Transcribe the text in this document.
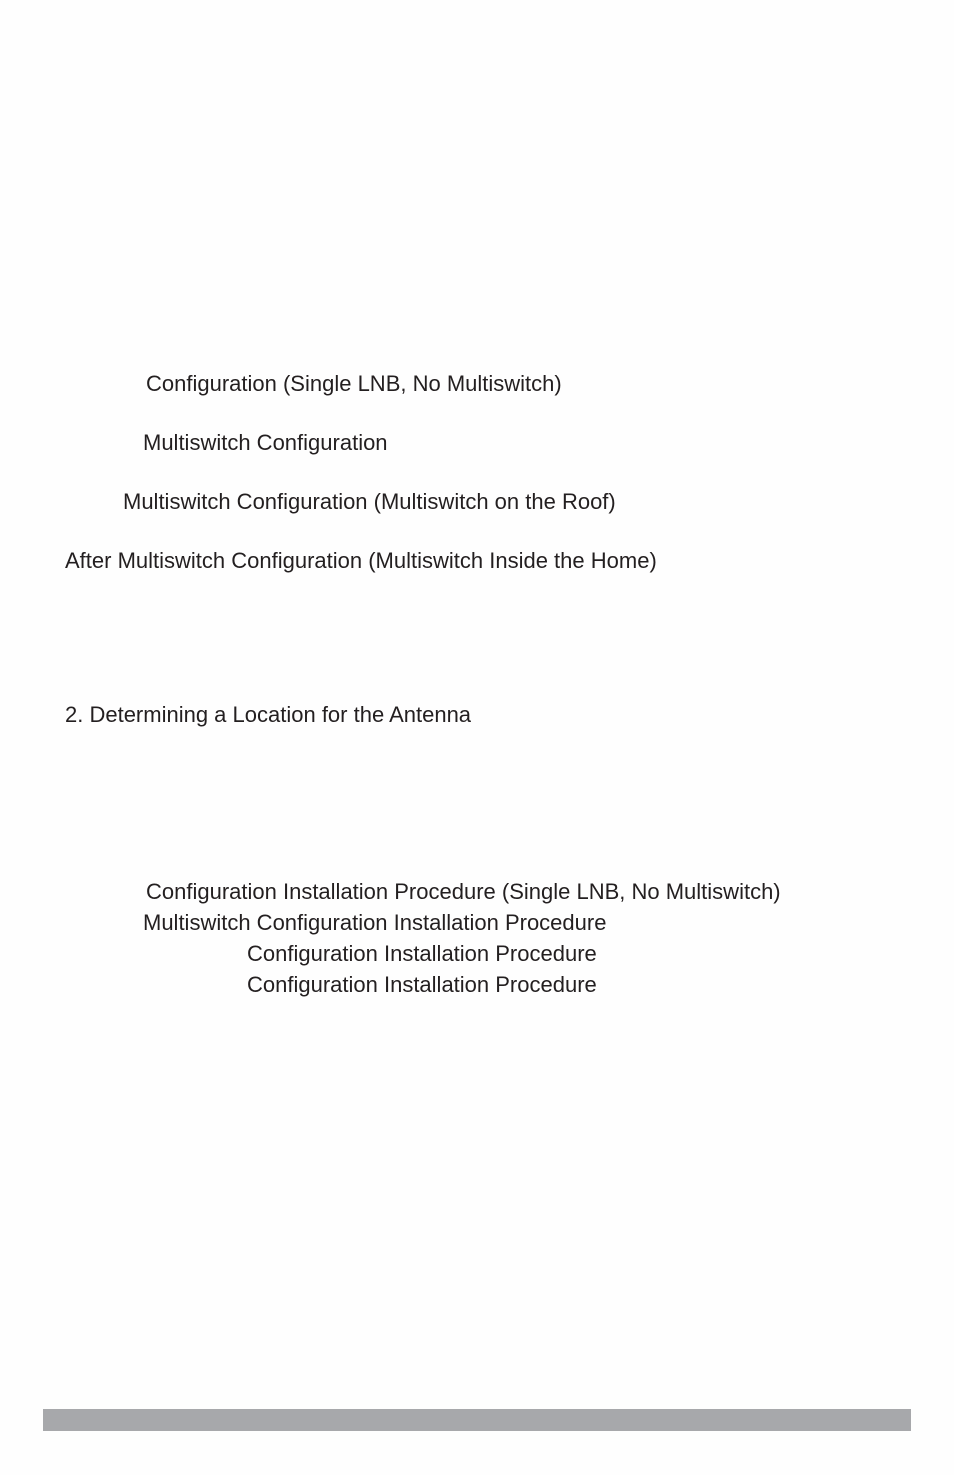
Configuration (Single LNB, No Multiswitch)
Multiswitch Configuration
Multiswitch Configuration (Multiswitch on the Roof)
After Multiswitch Configuration (Multiswitch Inside the Home)
2. Determining a Location for the Antenna
Configuration Installation Procedure (Single LNB, No Multiswitch)
Multiswitch Configuration Installation Procedure
Configuration Installation Procedure
Configuration Installation Procedure
